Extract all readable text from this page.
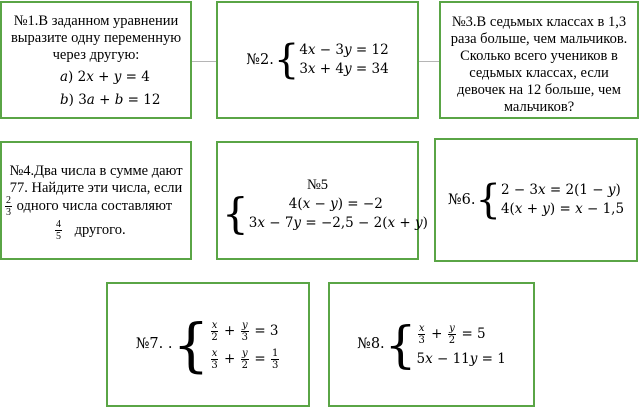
№1.В заданном уравнении выразите одну переменную через другую:
𝑎) 2𝑥 + 𝑦 = 4
𝑏) 3𝑎 + 𝑏 = 12
№2. { 4𝑥 − 3𝑦 = 12
3𝑥 + 4𝑦 = 34
№3.В седьмых классах в 1,3 раза больше, чем мальчиков. Сколько всего учеников в седьмых классах, если девочек на 12 больше, чем мальчиков?
№4.Два числа в сумме дают 77. Найдите эти числа, если
$\frac{2}{3}$ одного числа составляют
$\frac{4}{5}$ другого.
№5
{	4(𝑥 − 𝑦) = −2
3𝑥 − 7𝑦 = −2,5 − 2(𝑥 + 𝑦)
№6. { 2 − 3𝑥 = 2(1 − 𝑦)
4(𝑥 + 𝑦) = 𝑥 − 1,5
№7. . { $\frac{\text{𝑥}}{2} + \frac{\text{𝑦}}{3} = 3$
$\frac{\text{𝑥}}{3} + \frac{\text{𝑦}}{2} = \frac{1}{3}$
№8. { $\frac{\text{𝑥}}{3} + \frac{\text{𝑦}}{2} = 5$
5𝑥 − 11𝑦 = 1
